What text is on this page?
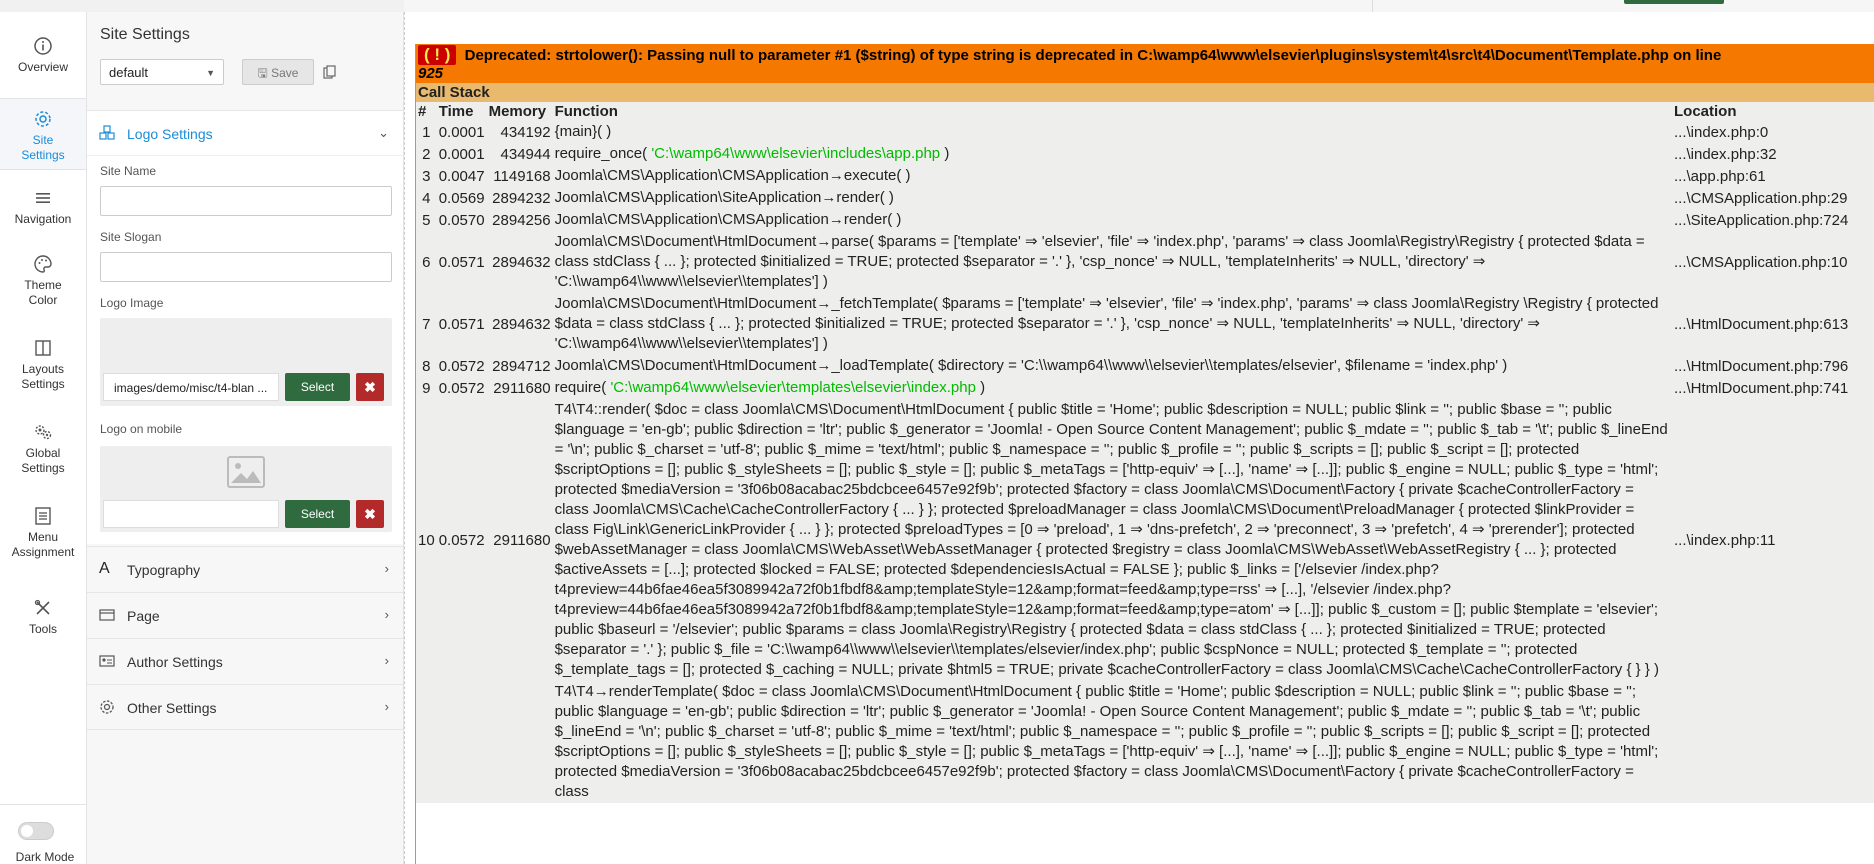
Overview
Site
Settings
Navigation
Theme
Color
Layouts
Settings
Global
Settings
Menu
Assignment
Tools
Dark Mode
Site Settings
default	▼	🖫 Save
Logo Settings	⌄
Site Name
Site Slogan
Logo Image
images/demo/misc/t4-blan ...	Select	✖
Logo on mobile
Select	✖
A	Typography	›
Page	›
Author Settings	›
Other Settings	›
( ! ) Deprecated: strtolower(): Passing null to parameter #1 ($string) of type string is deprecated in C:\wamp64\www\elsevier\plugins\system\t4\src\t4\Document\Template.php on line
925				
Call Stack				
#	Time	Memory	Function	Location
1	0.0001	434192	{main}( )	...\index.php:0
2	0.0001	434944	require_once( 'C:\wamp64\www\elsevier\includes\app.php )	...\index.php:32
3	0.0047	1149168	Joomla\CMS\Application\CMSApplication→execute( )	...\app.php:61
4	0.0569	2894232	Joomla\CMS\Application\SiteApplication→render( )	...\CMSApplication.php:29
5	0.0570	2894256	Joomla\CMS\Application\CMSApplication→render( )	...\SiteApplication.php:724
6	0.0571	2894632	Joomla\CMS\Document\HtmlDocument→parse( $params = ['template' ⇒ 'elsevier', 'file' ⇒ 'index.php', 'params' ⇒ class Joomla\Registry\Registry { protected $data = class stdClass { ... }; protected $initialized = TRUE; protected $separator = '.' }, 'csp_nonce' ⇒ NULL, 'templateInherits' ⇒ NULL, 'directory' ⇒ 'C:\\wamp64\\www\\elsevier\\templates'] )	...\CMSApplication.php:10
7	0.0571	2894632	Joomla\CMS\Document\HtmlDocument→_fetchTemplate( $params = ['template' ⇒ 'elsevier', 'file' ⇒ 'index.php', 'params' ⇒ class Joomla\Registry \Registry { protected $data = class stdClass { ... }; protected $initialized = TRUE; protected $separator = '.' }, 'csp_nonce' ⇒ NULL, 'templateInherits' ⇒ NULL, 'directory' ⇒ 'C:\\wamp64\\www\\elsevier\\templates'] )	...\HtmlDocument.php:613
8	0.0572	2894712	Joomla\CMS\Document\HtmlDocument→_loadTemplate( $directory = 'C:\\wamp64\\www\\elsevier\\templates/elsevier', $filename = 'index.php' )	...\HtmlDocument.php:796
9	0.0572	2911680	require( 'C:\wamp64\www\elsevier\templates\elsevier\index.php )	...\HtmlDocument.php:741
10	0.0572	2911680	T4\T4::render( $doc = class Joomla\CMS\Document\HtmlDocument { public $title = 'Home'; public $description = NULL; public $link = ''; public $base = ''; public $language = 'en-gb'; public $direction = 'ltr'; public $_generator = 'Joomla! - Open Source Content Management'; public $_mdate = ''; public $_tab = '\t'; public $_lineEnd = '\n'; public $_charset = 'utf-8'; public $_mime = 'text/html'; public $_namespace = ''; public $_profile = ''; public $_scripts = []; public $_script = []; protected $scriptOptions = []; public $_styleSheets = []; public $_style = []; public $_metaTags = ['http-equiv' ⇒ [...], 'name' ⇒ [...]]; public $_engine = NULL; public $_type = 'html'; protected $mediaVersion = '3f06b08acabac25bdcbcee6457e92f9b'; protected $factory = class Joomla\CMS\Document\Factory { private $cacheControllerFactory = class Joomla\CMS\Cache\CacheControllerFactory { ... } }; protected $preloadManager = class Joomla\CMS\Document\PreloadManager { protected $linkProvider = class Fig\Link\GenericLinkProvider { ... } }; protected $preloadTypes = [0 ⇒ 'preload', 1 ⇒ 'dns-prefetch', 2 ⇒ 'preconnect', 3 ⇒ 'prefetch', 4 ⇒ 'prerender']; protected $webAssetManager = class Joomla\CMS\WebAsset\WebAssetManager { protected $registry = class Joomla\CMS\WebAsset\WebAssetRegistry { ... }; protected $activeAssets = [...]; protected $locked = FALSE; protected $dependenciesIsActual = FALSE }; public $_links = ['/elsevier /index.php?t4preview=44b6fae46ea5f3089942a72f0b1fbdf8&amp;templateStyle=12&amp;format=feed&amp;type=rss' ⇒ [...], '/elsevier /index.php?t4preview=44b6fae46ea5f3089942a72f0b1fbdf8&amp;templateStyle=12&amp;format=feed&amp;type=atom' ⇒ [...]]; public $_custom = []; public $template = 'elsevier'; public $baseurl = '/elsevier'; public $params = class Joomla\Registry\Registry { protected $data = class stdClass { ... }; protected $initialized = TRUE; protected $separator = '.' }; public $_file = 'C:\\wamp64\\www\\elsevier\\templates/elsevier/index.php'; public $cspNonce = NULL; protected $_template = ''; protected $_template_tags = []; protected $_caching = NULL; private $html5 = TRUE; private $cacheControllerFactory = class Joomla\CMS\Cache\CacheControllerFactory { } } )	...\index.php:11
			T4\T4→renderTemplate( $doc = class Joomla\CMS\Document\HtmlDocument { public $title = 'Home'; public $description = NULL; public $link = ''; public $base = ''; public $language = 'en-gb'; public $direction = 'ltr'; public $_generator = 'Joomla! - Open Source Content Management'; public $_mdate = ''; public $_tab = '\t'; public $_lineEnd = '\n'; public $_charset = 'utf-8'; public $_mime = 'text/html'; public $_namespace = ''; public $_profile = ''; public $_scripts = []; public $_script = []; protected $scriptOptions = []; public $_styleSheets = []; public $_style = []; public $_metaTags = ['http-equiv' ⇒ [...], 'name' ⇒ [...]]; public $_engine = NULL; public $_type = 'html'; protected $mediaVersion = '3f06b08acabac25bdcbcee6457e92f9b'; protected $factory = class Joomla\CMS\Document\Factory { private $cacheControllerFactory = class	
